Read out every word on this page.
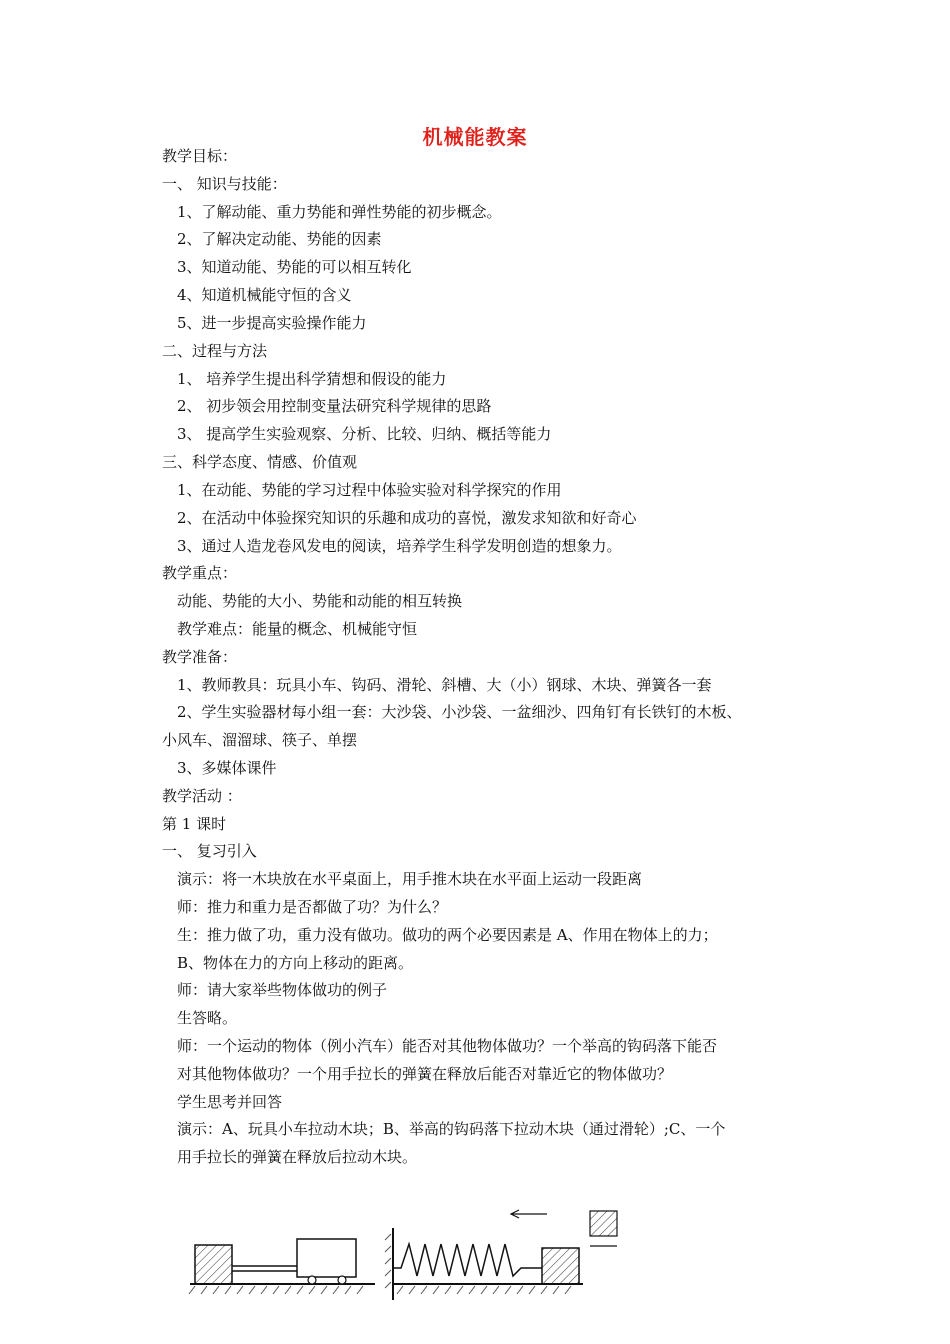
机械能教案
教学目标：
一、 知识与技能：
1、了解动能、重力势能和弹性势能的初步概念。
2、了解决定动能、势能的因素
3、知道动能、势能的可以相互转化
4、知道机械能守恒的含义
5、进一步提高实验操作能力
二、过程与方法
1、 培养学生提出科学猜想和假设的能力
2、 初步领会用控制变量法研究科学规律的思路
3、 提高学生实验观察、分析、比较、归纳、概括等能力
三、科学态度、情感、价值观
1、在动能、势能的学习过程中体验实验对科学探究的作用
2、在活动中体验探究知识的乐趣和成功的喜悦，激发求知欲和好奇心
3、通过人造龙卷风发电的阅读，培养学生科学发明创造的想象力。
教学重点：
动能、势能的大小、势能和动能的相互转换
教学难点：能量的概念、机械能守恒
教学准备：
1、教师教具：玩具小车、钩码、滑轮、斜槽、大（小）钢球、木块、弹簧各一套
2、学生实验器材每小组一套：大沙袋、小沙袋、一盆细沙、四角钉有长铁钉的木板、
小风车、溜溜球、筷子、单摆
3、多媒体课件
教学活动 ：
第 1 课时
一、 复习引入
演示：将一木块放在水平桌面上，用手推木块在水平面上运动一段距离
师：推力和重力是否都做了功？为什么？
生：推力做了功，重力没有做功。做功的两个必要因素是 A、作用在物体上的力；
B、物体在力的方向上移动的距离。
师：请大家举些物体做功的例子
生答略。
师：一个运动的物体（例小汽车）能否对其他物体做功？一个举高的钩码落下能否
对其他物体做功？一个用手拉长的弹簧在释放后能否对靠近它的物体做功？
学生思考并回答
演示：A、玩具小车拉动木块；B、举高的钩码落下拉动木块（通过滑轮）;C、一个
用手拉长的弹簧在释放后拉动木块。
